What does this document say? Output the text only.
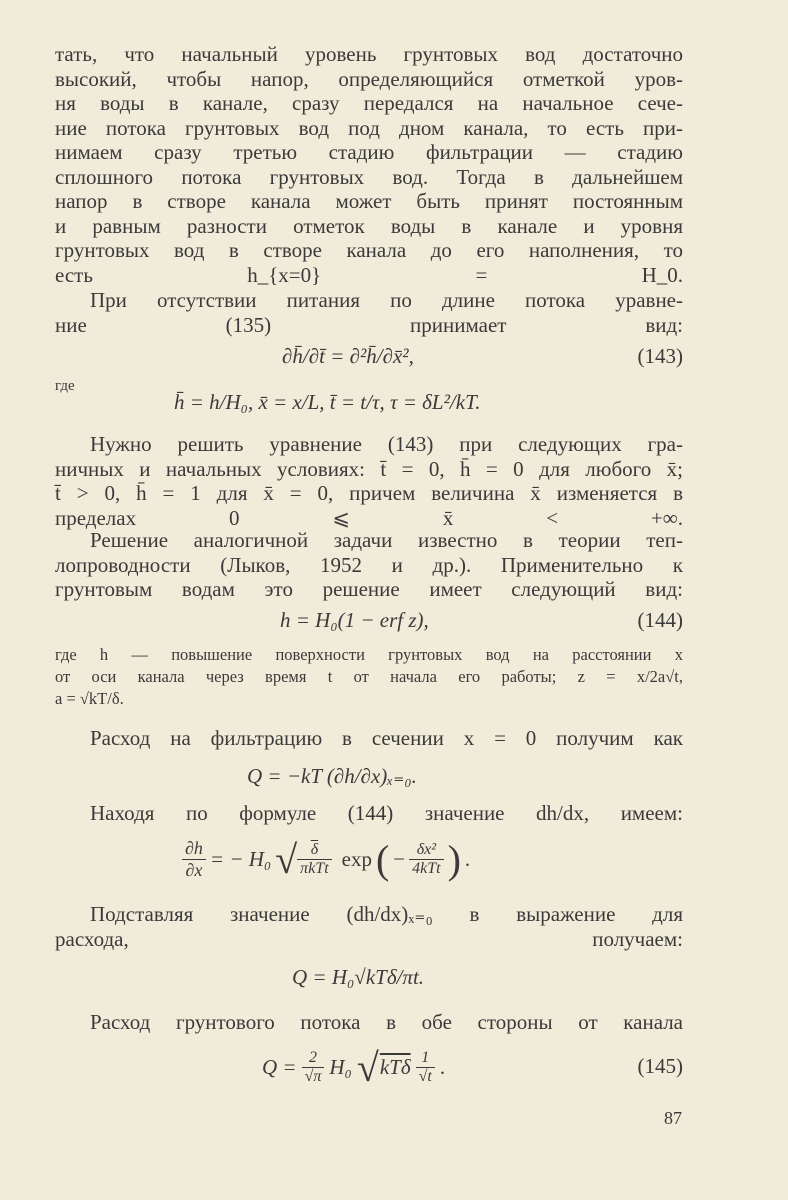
тать, что начальный уровень грунтовых вод достаточно
высокий, чтобы напор, определяющийся отметкой уров-
ня воды в канале, сразу передался на начальное сече-
ние потока грунтовых вод под дном канала, то есть при-
нимаем сразу третью стадию фильтрации — стадию
сплошного потока грунтовых вод. Тогда в дальнейшем
напор в створе канала может быть принят постоянным
и равным разности отметок воды в канале и уровня
грунтовых вод в створе канала до его наполнения, то
есть h_{x=0} = H_0.
При отсутствии питания по длине потока уравне-
ние (135) принимает вид:
∂h̄/∂t̄ = ∂²h̄/∂x̄²,	(143)
где
h̄ = h/H₀, x̄ = x/L, t̄ = t/τ, τ = δL²/kT.
Нужно решить уравнение (143) при следующих гра-
ничных и начальных условиях: t̄ = 0, h̄ = 0 для любого x̄;
t̄ > 0, h̄ = 1 для x̄ = 0, причем величина x̄ изменяется в
пределах 0 ⩽ x̄ < +∞.
Решение аналогичной задачи известно в теории теп-
лопроводности (Лыков, 1952 и др.). Применительно к
грунтовым водам это решение имеет следующий вид:
h = H₀(1 − erf z),	(144)
где h — повышение поверхности грунтовых вод на расстоянии x
от оси канала через время t от начала его работы; z = x/2a√t,
a = √kT/δ.
Расход на фильтрацию в сечении x = 0 получим как
Q = −kT (∂h/∂x)ₓ₌₀.
Находя по формуле (144) значение dh/dx, имеем:
$\frac{\partial h}{\partial x}$ = − H₀ √ $\frac{\delta}{\text{πkTt}}$ exp ( − $\frac{\text{δx²}}{\text{4kTt}}$ ) .
Подставляя значение (dh/dx)ₓ₌₀ в выражение для
расхода, получаем:
Q = H₀√kTδ/πt.
Расход грунтового потока в обе стороны от канала
$Q = \frac{2}{√\pi} H_0$ √ kTδ $\frac{1}{√t}$ .	(145)
87
